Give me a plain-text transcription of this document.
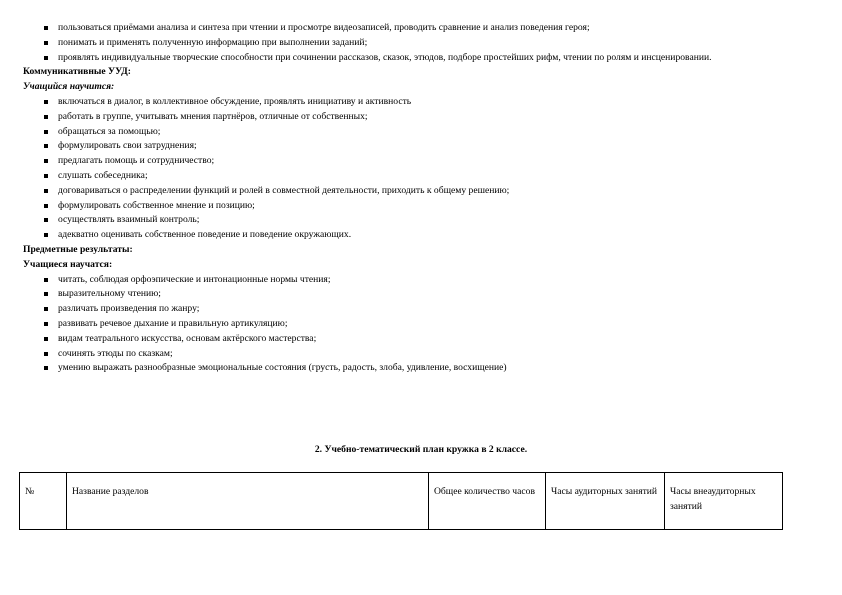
пользоваться приёмами анализа и синтеза при чтении и просмотре видеозаписей, проводить сравнение и анализ поведения героя;
понимать и применять полученную информацию при выполнении заданий;
проявлять индивидуальные творческие способности при сочинении рассказов, сказок, этюдов, подборе простейших рифм, чтении по ролям и инсценировании.
Коммуникативные УУД:
Учащийся научится:
включаться в диалог, в коллективное обсуждение, проявлять инициативу и активность
работать в группе, учитывать мнения партнёров, отличные от собственных;
обращаться за помощью;
формулировать свои затруднения;
предлагать помощь и сотрудничество;
слушать собеседника;
договариваться о распределении функций и ролей в совместной деятельности, приходить к общему решению;
формулировать собственное мнение и позицию;
осуществлять взаимный контроль;
адекватно оценивать собственное поведение и поведение окружающих.
Предметные результаты:
Учащиеся научатся:
читать, соблюдая орфоэпические и интонационные нормы чтения;
выразительному чтению;
различать произведения по жанру;
развивать речевое дыхание и правильную артикуляцию;
видам театрального искусства, основам актёрского мастерства;
сочинять этюды по сказкам;
умению выражать разнообразные эмоциональные состояния (грусть, радость, злоба, удивление, восхищение)
2. Учебно-тематический план кружка в 2 классе.
№	Название разделов	Общее количество часов	Часы аудиторных занятий	Часы внеаудиторных занятий
